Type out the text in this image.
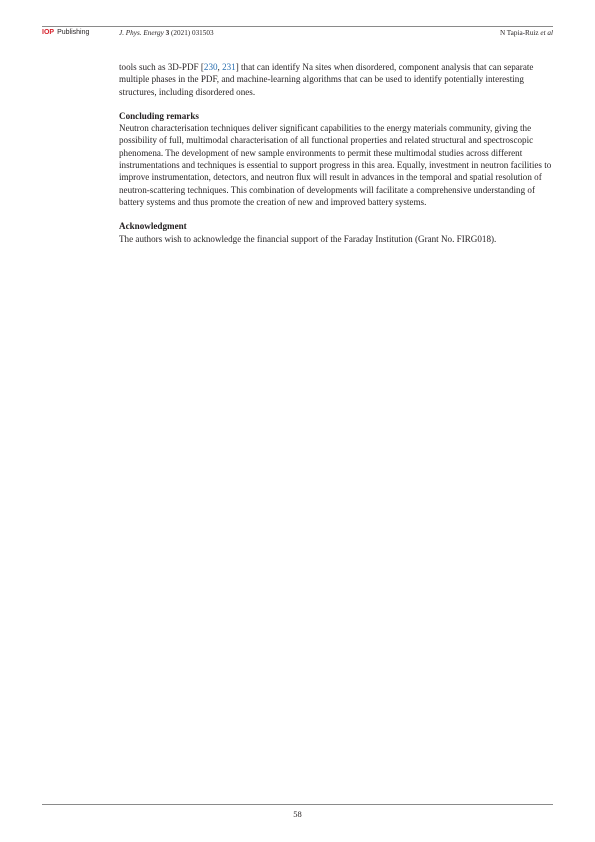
IOP Publishing	J. Phys. Energy 3 (2021) 031503	N Tapia-Ruiz et al

tools such as 3D-PDF [230, 231] that can identify Na sites when disordered, component analysis that can separate multiple phases in the PDF, and machine-learning algorithms that can be used to identify potentially interesting structures, including disordered ones.

Concluding remarks

Neutron characterisation techniques deliver significant capabilities to the energy materials community, giving the possibility of full, multimodal characterisation of all functional properties and related structural and spectroscopic phenomena. The development of new sample environments to permit these multimodal studies across different instrumentations and techniques is essential to support progress in this area. Equally, investment in neutron facilities to improve instrumentation, detectors, and neutron flux will result in advances in the temporal and spatial resolution of neutron-scattering techniques. This combination of developments will facilitate a comprehensive understanding of battery systems and thus promote the creation of new and improved battery systems.

Acknowledgment

The authors wish to acknowledge the financial support of the Faraday Institution (Grant No. FIRG018).

58
